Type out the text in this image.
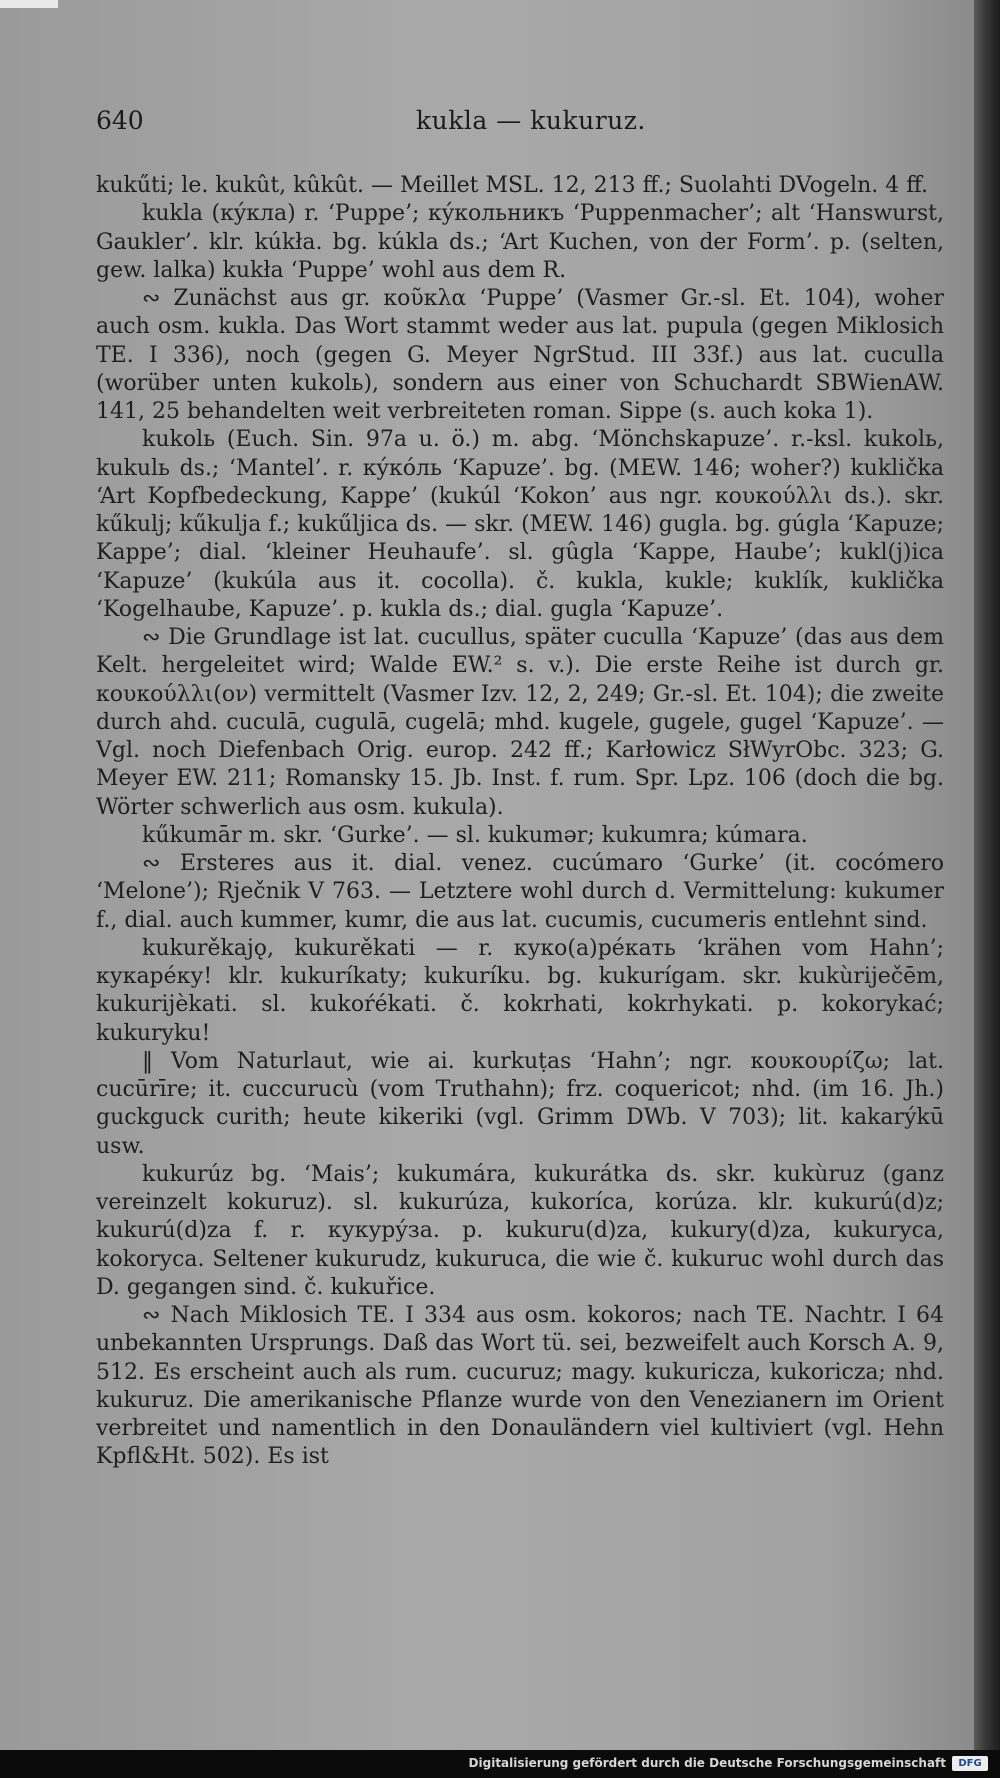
640	kukla — kukuruz.

kukűti; le. kukût, kûkût. — Meillet MSL. 12, 213 ff.; Suolahti DVogeln. 4 ff.

kukla (кýкла) r. ‘Puppe’; кýкольникъ ‘Puppenmacher’; alt ‘Hanswurst, Gaukler’. klr. kúkła. bg. kúkla ds.; ‘Art Kuchen, von der Form’. p. (selten, gew. lalka) kukła ‘Puppe’ wohl aus dem R.

∾ Zunächst aus gr. κοῦκλα ‘Puppe’ (Vasmer Gr.-sl. Et. 104), woher auch osm. kukla. Das Wort stammt weder aus lat. pupula (gegen Miklosich TE. I 336), noch (gegen G. Meyer NgrStud. III 33f.) aus lat. cuculla (worüber unten kukolь), sondern aus einer von Schuchardt SBWienAW. 141, 25 behandelten weit verbreiteten roman. Sippe (s. auch koka 1).

kukolь (Euch. Sin. 97a u. ö.) m. abg. ‘Mönchskapuze’. r.-ksl. kukolь, kukulь ds.; ‘Mantel’. r. кýкóль ‘Kapuze’. bg. (MEW. 146; woher?) kuklička ‘Art Kopfbedeckung, Kappe’ (kukúl ‘Kokon’ aus ngr. κουκούλλι ds.). skr. kűkulj; kűkulja f.; kukűljica ds. — skr. (MEW. 146) gugla. bg. gúgla ‘Kapuze; Kappe’; dial. ‘kleiner Heuhaufe’. sl. gûgla ‘Kappe, Haube’; kukl(j)ica ‘Kapuze’ (kukúla aus it. cocolla). č. kukla, kukle; kuklík, kuklička ‘Kogelhaube, Kapuze’. p. kukla ds.; dial. gugla ‘Kapuze’.

∾ Die Grundlage ist lat. cucullus, später cuculla ‘Kapuze’ (das aus dem Kelt. hergeleitet wird; Walde EW.² s. v.). Die erste Reihe ist durch gr. κουκούλλι(ον) vermittelt (Vasmer Izv. 12, 2, 249; Gr.-sl. Et. 104); die zweite durch ahd. cuculā, cugulā, cugelā; mhd. kugele, gugele, gugel ‘Kapuze’. — Vgl. noch Diefenbach Orig. europ. 242 ff.; Karłowicz SłWyrObc. 323; G. Meyer EW. 211; Romansky 15. Jb. Inst. f. rum. Spr. Lpz. 106 (doch die bg. Wörter schwerlich aus osm. kukula).

kűkumār m. skr. ‘Gurke’. — sl. kukumər; kukumra; kúmara.

∾ Ersteres aus it. dial. venez. cucúmaro ‘Gurke’ (it. cocómero ‘Melone’); Rječnik V 763. — Letztere wohl durch d. Vermittelung: kukumer f., dial. auch kummer, kumr, die aus lat. cucumis, cucumeris entlehnt sind.

kukurěkajǫ, kukurěkati — r. куко(а)рéкать ‘krähen vom Hahn’; кукарéку! klr. kukuríkaty; kukuríku. bg. kukurígam. skr. kukùriječēm, kukurijèkati. sl. kukoŕékati. č. kokrhati, kokrhykati. p. kokorykać; kukuryku!

‖ Vom Naturlaut, wie ai. kurkuṭas ‘Hahn’; ngr. κουκουρίζω; lat. cucūrīre; it. cuccurucù (vom Truthahn); frz. coquericot; nhd. (im 16. Jh.) guckguck curith; heute kikeriki (vgl. Grimm DWb. V 703); lit. kakarýkū usw.

kukurúz bg. ‘Mais’; kukumára, kukurátka ds. skr. kukùruz (ganz vereinzelt kokuruz). sl. kukurúza, kukoríca, korúza. klr. kukurú(d)z; kukurú(d)za f. r. кукурýза. p. kukuru(d)za, kukury(d)za, kukuryca, kokoryca. Seltener kukurudz, kukuruca, die wie č. kukuruc wohl durch das D. gegangen sind. č. kukuřice.

∾ Nach Miklosich TE. I 334 aus osm. kokoros; nach TE. Nachtr. I 64 unbekannten Ursprungs. Daß das Wort tü. sei, bezweifelt auch Korsch A. 9, 512. Es erscheint auch als rum. cucuruz; magy. kukuricza, kukoricza; nhd. kukuruz. Die amerikanische Pflanze wurde von den Venezianern im Orient verbreitet und namentlich in den Donauländern viel kultiviert (vgl. Hehn Kpfl&Ht. 502). Es ist

Digitalisierung gefördert durch die Deutsche Forschungsgemeinschaft	DFG
